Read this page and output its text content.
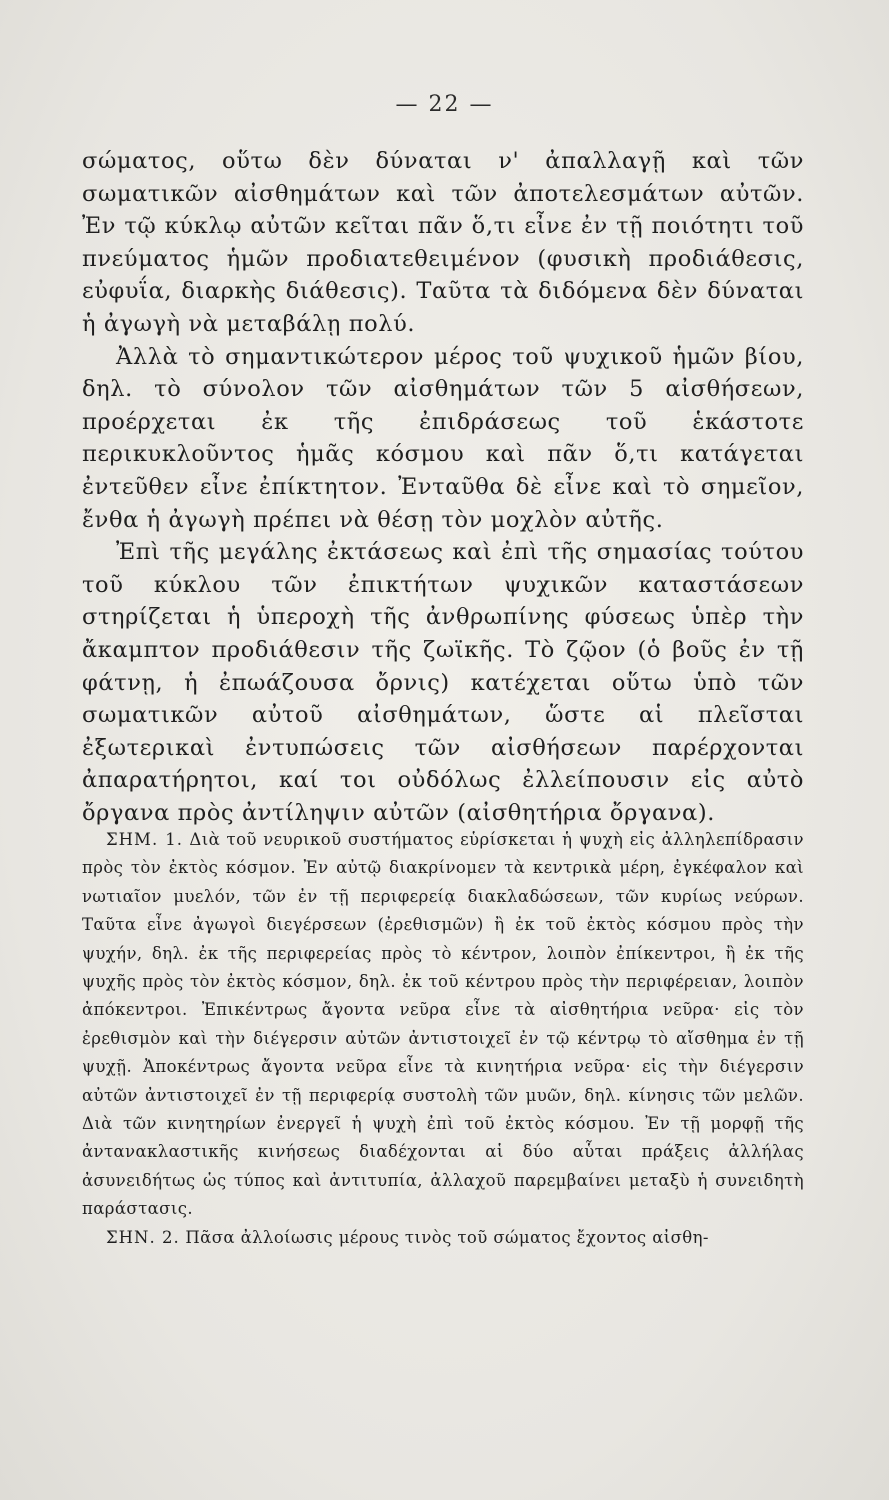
— 22 —

σώματος, οὕτω δὲν δύναται ν' ἀπαλλαγῇ καὶ τῶν σωματικῶν αἰσθημάτων καὶ τῶν ἀποτελεσμάτων αὐτῶν. Ἐν τῷ κύκλῳ αὐτῶν κεῖται πᾶν ὅ,τι εἶνε ἐν τῇ ποιότητι τοῦ πνεύματος ἡμῶν προδιατεθειμένον (φυσικὴ προδιάθεσις, εὐφυΐα, διαρκὴς διάθεσις). Ταῦτα τὰ διδόμενα δὲν δύναται ἡ ἀγωγὴ νὰ μεταβάλῃ πολύ.

Ἀλλὰ τὸ σημαντικώτερον μέρος τοῦ ψυχικοῦ ἡμῶν βίου, δηλ. τὸ σύνολον τῶν αἰσθημάτων τῶν 5 αἰσθήσεων, προέρχεται ἐκ τῆς ἐπιδράσεως τοῦ ἑκάστοτε περικυκλοῦντος ἡμᾶς κόσμου καὶ πᾶν ὅ,τι κατάγεται ἐντεῦθεν εἶνε ἐπίκτητον. Ἐνταῦθα δὲ εἶνε καὶ τὸ σημεῖον, ἔνθα ἡ ἀγωγὴ πρέπει νὰ θέσῃ τὸν μοχλὸν αὐτῆς.

Ἐπὶ τῆς μεγάλης ἐκτάσεως καὶ ἐπὶ τῆς σημασίας τούτου τοῦ κύκλου τῶν ἐπικτήτων ψυχικῶν καταστάσεων στηρίζεται ἡ ὑπεροχὴ τῆς ἀνθρωπίνης φύσεως ὑπὲρ τὴν ἄκαμπτον προδιάθεσιν τῆς ζωϊκῆς. Τὸ ζῷον (ὁ βοῦς ἐν τῇ φάτνῃ, ἡ ἐπωάζουσα ὄρνις) κατέχεται οὕτω ὑπὸ τῶν σωματικῶν αὐτοῦ αἰσθημάτων, ὥστε αἱ πλεῖσται ἐξωτερικαὶ ἐντυπώσεις τῶν αἰσθήσεων παρέρχονται ἀπαρατήρητοι, καί τοι οὐδόλως ἐλλείπουσιν εἰς αὐτὸ ὄργανα πρὸς ἀντίληψιν αὐτῶν (αἰσθητήρια ὄργανα).

ΣΗΜ. 1. Διὰ τοῦ νευρικοῦ συστήματος εὑρίσκεται ἡ ψυχὴ εἰς ἀλληλεπίδρασιν πρὸς τὸν ἐκτὸς κόσμον. Ἐν αὐτῷ διακρίνομεν τὰ κεντρικὰ μέρη, ἐγκέφαλον καὶ νωτιαῖον μυελόν, τῶν ἐν τῇ περιφερείᾳ διακλαδώσεων, τῶν κυρίως νεύρων. Ταῦτα εἶνε ἀγωγοὶ διεγέρσεων (ἐρεθισμῶν) ἢ ἐκ τοῦ ἐκτὸς κόσμου πρὸς τὴν ψυχήν, δηλ. ἐκ τῆς περιφερείας πρὸς τὸ κέντρον, λοιπὸν ἐπίκεντροι, ἢ ἐκ τῆς ψυχῆς πρὸς τὸν ἐκτὸς κόσμον, δηλ. ἐκ τοῦ κέντρου πρὸς τὴν περιφέρειαν, λοιπὸν ἀπόκεντροι. Ἐπικέντρως ἄγοντα νεῦρα εἶνε τὰ αἰσθητήρια νεῦρα· εἰς τὸν ἐρεθισμὸν καὶ τὴν διέγερσιν αὐτῶν ἀντιστοιχεῖ ἐν τῷ κέντρῳ τὸ αἴσθημα ἐν τῇ ψυχῇ. Ἀποκέντρως ἄγοντα νεῦρα εἶνε τὰ κινητήρια νεῦρα· εἰς τὴν διέγερσιν αὐτῶν ἀντιστοιχεῖ ἐν τῇ περιφερίᾳ συστολὴ τῶν μυῶν, δηλ. κίνησις τῶν μελῶν. Διὰ τῶν κινητηρίων ἐνεργεῖ ἡ ψυχὴ ἐπὶ τοῦ ἐκτὸς κόσμου. Ἐν τῇ μορφῇ τῆς ἀντανακλαστικῆς κινήσεως διαδέχονται αἱ δύο αὗται πράξεις ἀλλήλας ἀσυνειδήτως ὡς τύπος καὶ ἀντιτυπία, ἀλλαχοῦ παρεμβαίνει μεταξὺ ἡ συνειδητὴ παράστασις.

ΣΗΝ. 2. Πᾶσα ἀλλοίωσις μέρους τινὸς τοῦ σώματος ἔχοντος αἰσθη-
